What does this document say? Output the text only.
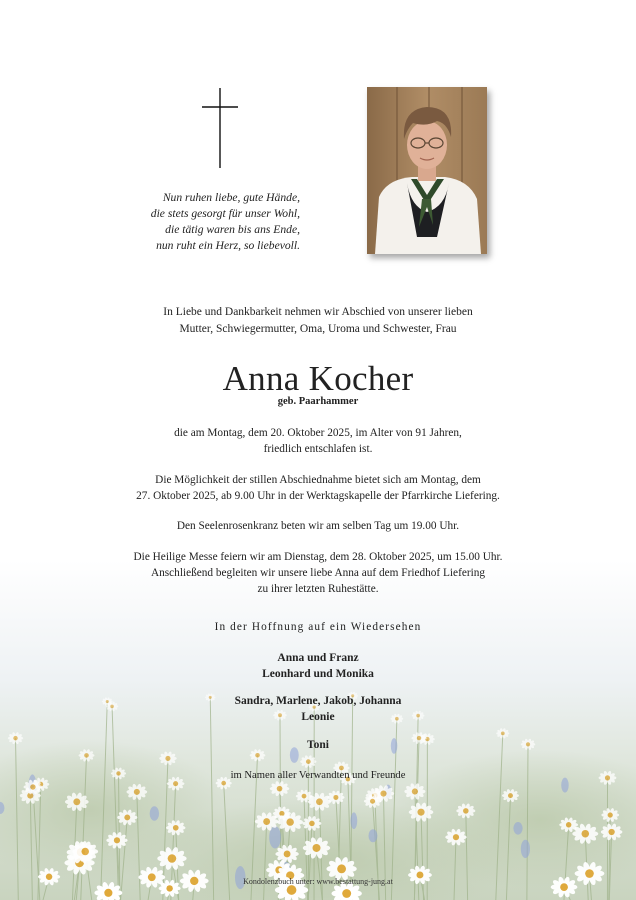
Nun ruhen liebe, gute Hände,
die stets gesorgt für unser Wohl,
die tätig waren bis ans Ende,
nun ruht ein Herz, so liebevoll.
In Liebe und Dankbarkeit nehmen wir Abschied von unserer lieben
Mutter, Schwiegermutter, Oma, Uroma und Schwester, Frau
Anna Kocher
geb. Paarhammer
die am Montag, dem 20. Oktober 2025, im Alter von 91 Jahren,
friedlich entschlafen ist.
Die Möglichkeit der stillen Abschiednahme bietet sich am Montag, dem
27. Oktober 2025, ab 9.00 Uhr in der Werktagskapelle der Pfarrkirche Liefering.
Den Seelenrosenkranz beten wir am selben Tag um 19.00 Uhr.
Die Heilige Messe feiern wir am Dienstag, dem 28. Oktober 2025, um 15.00 Uhr.
Anschließend begleiten wir unsere liebe Anna auf dem Friedhof Liefering
zu ihrer letzten Ruhestätte.
In der Hoffnung auf ein Wiedersehen
Anna und Franz
Leonhard und Monika
Sandra, Marlene, Jakob, Johanna
Leonie
Toni
im Namen aller Verwandten und Freunde
Kondolenzbuch unter: www.bestattung-jung.at
